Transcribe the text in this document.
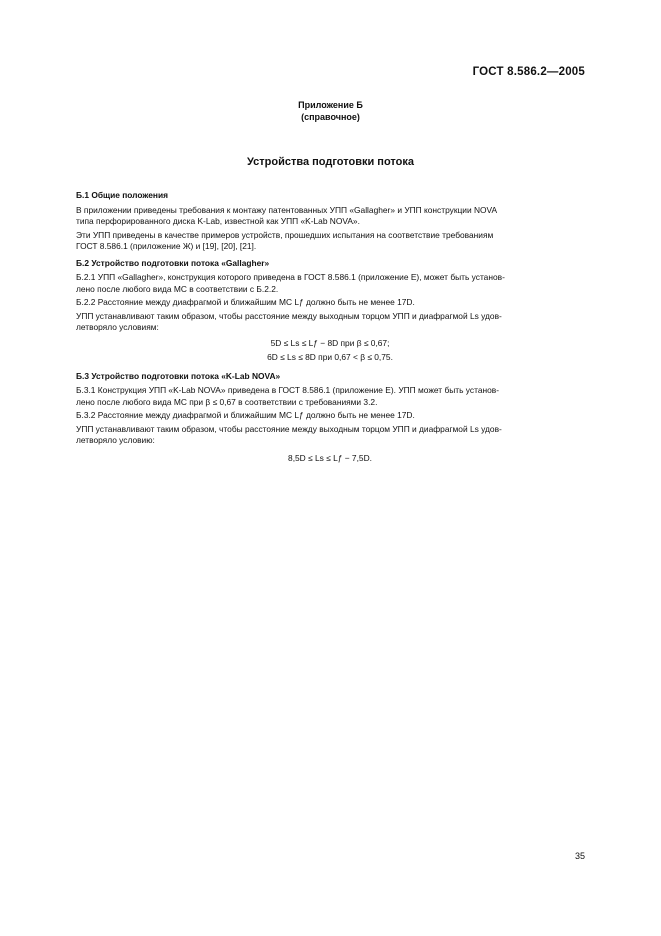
ГОСТ 8.586.2—2005
Приложение Б
(справочное)
Устройства подготовки потока
Б.1 Общие положения
В приложении приведены требования к монтажу патентованных УПП «Gallagher» и УПП конструкции NOVA
типа перфорированного диска K-Lab, известной как УПП «K-Lab NOVA».
Эти УПП приведены в качестве примеров устройств, прошедших испытания на соответствие требованиям
ГОСТ 8.586.1 (приложение Ж) и [19], [20], [21].
Б.2 Устройство подготовки потока «Gallagher»
Б.2.1 УПП «Gallagher», конструкция которого приведена в ГОСТ 8.586.1 (приложение Е), может быть установ-
лено после любого вида МС в соответствии с Б.2.2.
Б.2.2 Расстояние между диафрагмой и ближайшим МС Lƒ должно быть не менее 17D.
УПП устанавливают таким образом, чтобы расстояние между выходным торцом УПП и диафрагмой Ls удов-
летворяло условиям:
5D ≤ Ls ≤ Lƒ − 8D при β ≤ 0,67;
6D ≤ Ls ≤ 8D при 0,67 < β ≤ 0,75.
Б.3 Устройство подготовки потока «K-Lab NOVA»
Б.3.1 Конструкция УПП «K-Lab NOVA» приведена в ГОСТ 8.586.1 (приложение Е). УПП может быть установ-
лено после любого вида МС при β ≤ 0,67 в соответствии с требованиями 3.2.
Б.3.2 Расстояние между диафрагмой и ближайшим МС Lƒ должно быть не менее 17D.
УПП устанавливают таким образом, чтобы расстояние между выходным торцом УПП и диафрагмой Ls удов-
летворяло условию:
8,5D ≤ Ls ≤ Lƒ − 7,5D.
35
